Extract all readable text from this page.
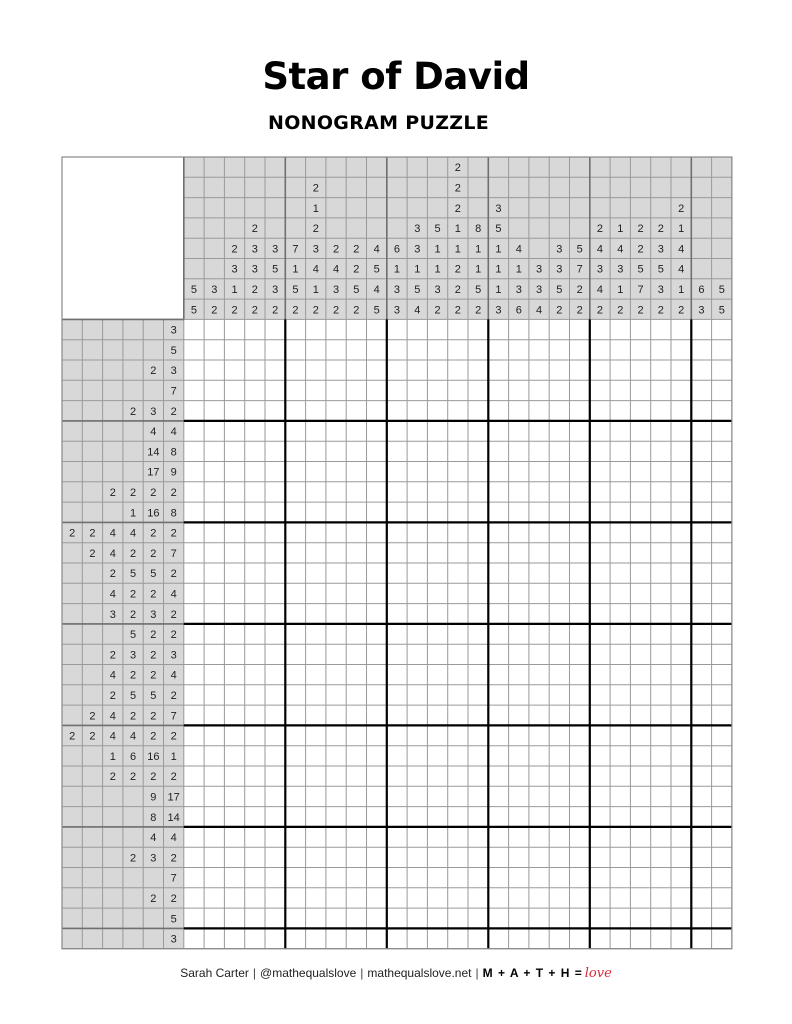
Star of David
NONOGRAM PUZZLE
5
5
3
2
2
3
1
2
2
3
3
2
2
3
5
3
2
7
1
5
2
2
1
2
3
4
1
2
2
4
3
2
2
2
5
2
4
5
4
5
6
1
3
3
3
3
1
5
4
5
1
1
3
2
2
2
2
1
1
2
2
2
8
1
1
5
2
3
5
1
1
1
3
4
1
3
6
3
3
4
3
3
5
2
5
7
2
2
2
4
3
4
2
1
4
3
1
2
2
2
5
7
2
2
3
5
3
2
2
1
4
4
1
2
6
3
5
5
3
5
2 3
7
2 3 2
4 4
14 8
17 9
2 2 2 2
1 16 8
2 2 4 4 2 2
2 4 2 2 7
2 5 5 2
4 2 2 4
3 2 3 2
5 2 2
2 3 2 3
4 2 2 4
2 5 5 2
2 4 2 2 7
2 2 4 4 2 2
1 6 16 1
2 2 2 2
9 17
8 14
4 4
2 3 2
7
2 2
5
3
Sarah Carter | @mathequalslove | mathequalslove.net | M + A + T + H = love
